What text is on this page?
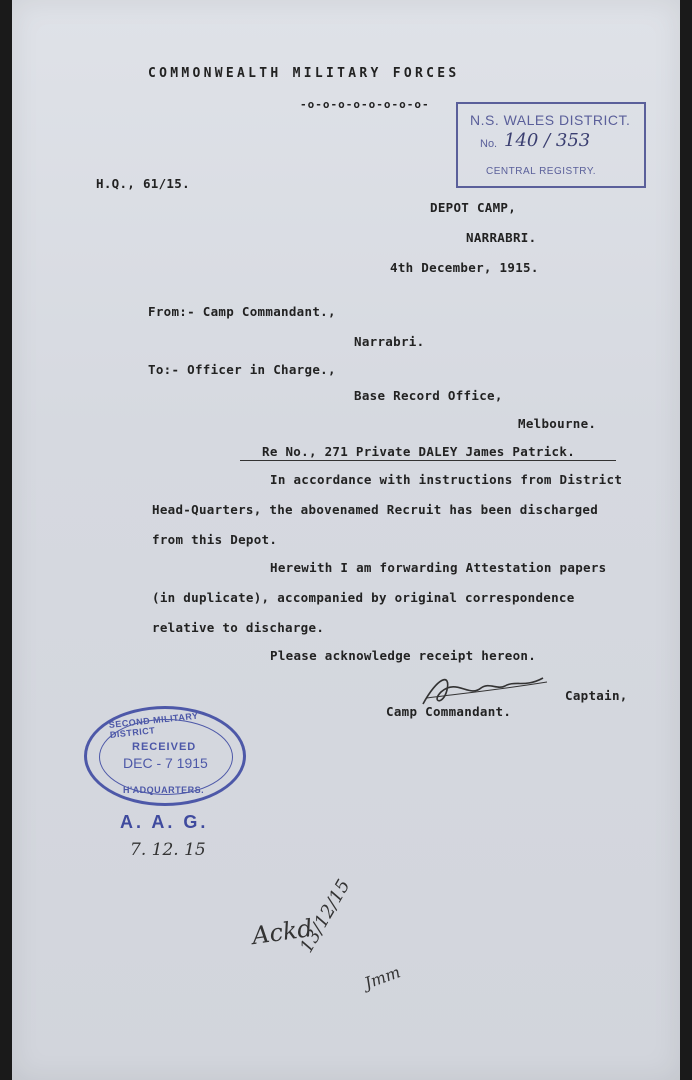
COMMONWEALTH MILITARY FORCES
-o-o-o-o-o-o-o-o-
N.S. WALES DISTRICT.
No. 140 / 353
CENTRAL REGISTRY.
H.Q., 61/15.
DEPOT CAMP,
NARRABRI.
4th December, 1915.
From:- Camp Commandant.,
Narrabri.
To:- Officer in Charge.,
Base Record Office,
Melbourne.
Re No., 271 Private DALEY James Patrick.
In accordance with instructions from District
Head-Quarters, the abovenamed Recruit has been discharged
from this Depot.
Herewith I am forwarding Attestation papers
(in duplicate), accompanied by original correspondence
relative to discharge.
Please acknowledge receipt hereon.
Captain,
Camp Commandant.
SECOND MILITARY DISTRICT
RECEIVED
DEC - 7 1915
H'ADQUARTERS.
A. A. G.
7. 12. 15
Ackd
13/12/15
Jmm
